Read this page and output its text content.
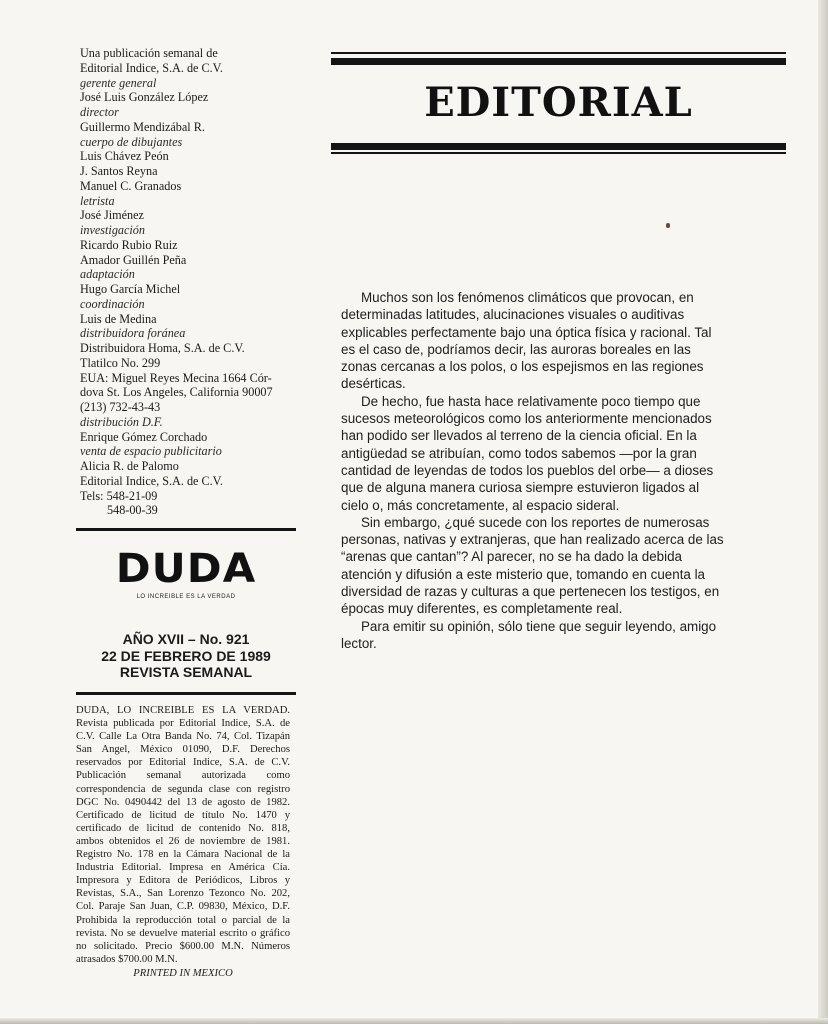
Una publicación semanal de
Editorial Indice, S.A. de C.V.
gerente general
José Luis González López
director
Guillermo Mendizábal R.
cuerpo de dibujantes
Luis Chávez Peón
J. Santos Reyna
Manuel C. Granados
letrista
José Jiménez
investigación
Ricardo Rubio Ruiz
Amador Guillén Peña
adaptación
Hugo García Michel
coordinación
Luis de Medina
distribuidora foránea
Distribuidora Homa, S.A. de C.V.
Tlatilco No. 299
EUA: Miguel Reyes Mecina 1664 Cór-
dova St. Los Angeles, California 90007
(213) 732-43-43
distribución D.F.
Enrique Gómez Corchado
venta de espacio publicitario
Alicia R. de Palomo
Editorial Indice, S.A. de C.V.
Tels: 548-21-09
548-00-39
DUDA
LO INCREIBLE ES LA VERDAD
AÑO XVII – No. 921
22 DE FEBRERO DE 1989
REVISTA SEMANAL
DUDA, LO INCREIBLE ES LA VERDAD. Revista publicada por Editorial Indice, S.A. de C.V. Calle La Otra Banda No. 74, Col. Tizapán San Angel, México 01090, D.F. Derechos reservados por Editorial Indice, S.A. de C.V. Publicación semanal autorizada como correspondencia de segunda clase con registro DGC No. 0490442 del 13 de agosto de 1982. Certificado de licitud de título No. 1470 y certificado de licitud de contenido No. 818, ambos obtenidos el 26 de noviembre de 1981. Registro No. 178 en la Cámara Nacional de la Industria Editorial. Impresa en América Cía. Impresora y Editora de Periódicos, Libros y Revistas, S.A., San Lorenzo Tezonco No. 202, Col. Paraje San Juan, C.P. 09830, México, D.F. Prohibida la reproducción total o parcial de la revista. No se devuelve material escrito o gráfico no solicitado. Precio $600.00 M.N. Números atrasados $700.00 M.N.
PRINTED IN MEXICO
EDITORIAL

Muchos son los fenómenos climáticos que provocan, en determinadas latitudes, alucinaciones visuales o auditivas explicables perfectamente bajo una óptica física y racional. Tal es el caso de, podríamos decir, las auroras boreales en las zonas cercanas a los polos, o los espejismos en las regiones desérticas.

De hecho, fue hasta hace relativamente poco tiempo que sucesos meteorológicos como los anteriormente mencionados han podido ser llevados al terreno de la ciencia oficial. En la antigüedad se atribuían, como todos sabemos —por la gran cantidad de leyendas de todos los pueblos del orbe— a dioses que de alguna manera curiosa siempre estuvieron ligados al cielo o, más concretamente, al espacio sideral.

Sin embargo, ¿qué sucede con los reportes de numerosas personas, nativas y extranjeras, que han realizado acerca de las “arenas que cantan”? Al parecer, no se ha dado la debida atención y difusión a este misterio que, tomando en cuenta la diversidad de razas y culturas a que pertenecen los testigos, en épocas muy diferentes, es completamente real.

Para emitir su opinión, sólo tiene que seguir leyendo, amigo lector.
